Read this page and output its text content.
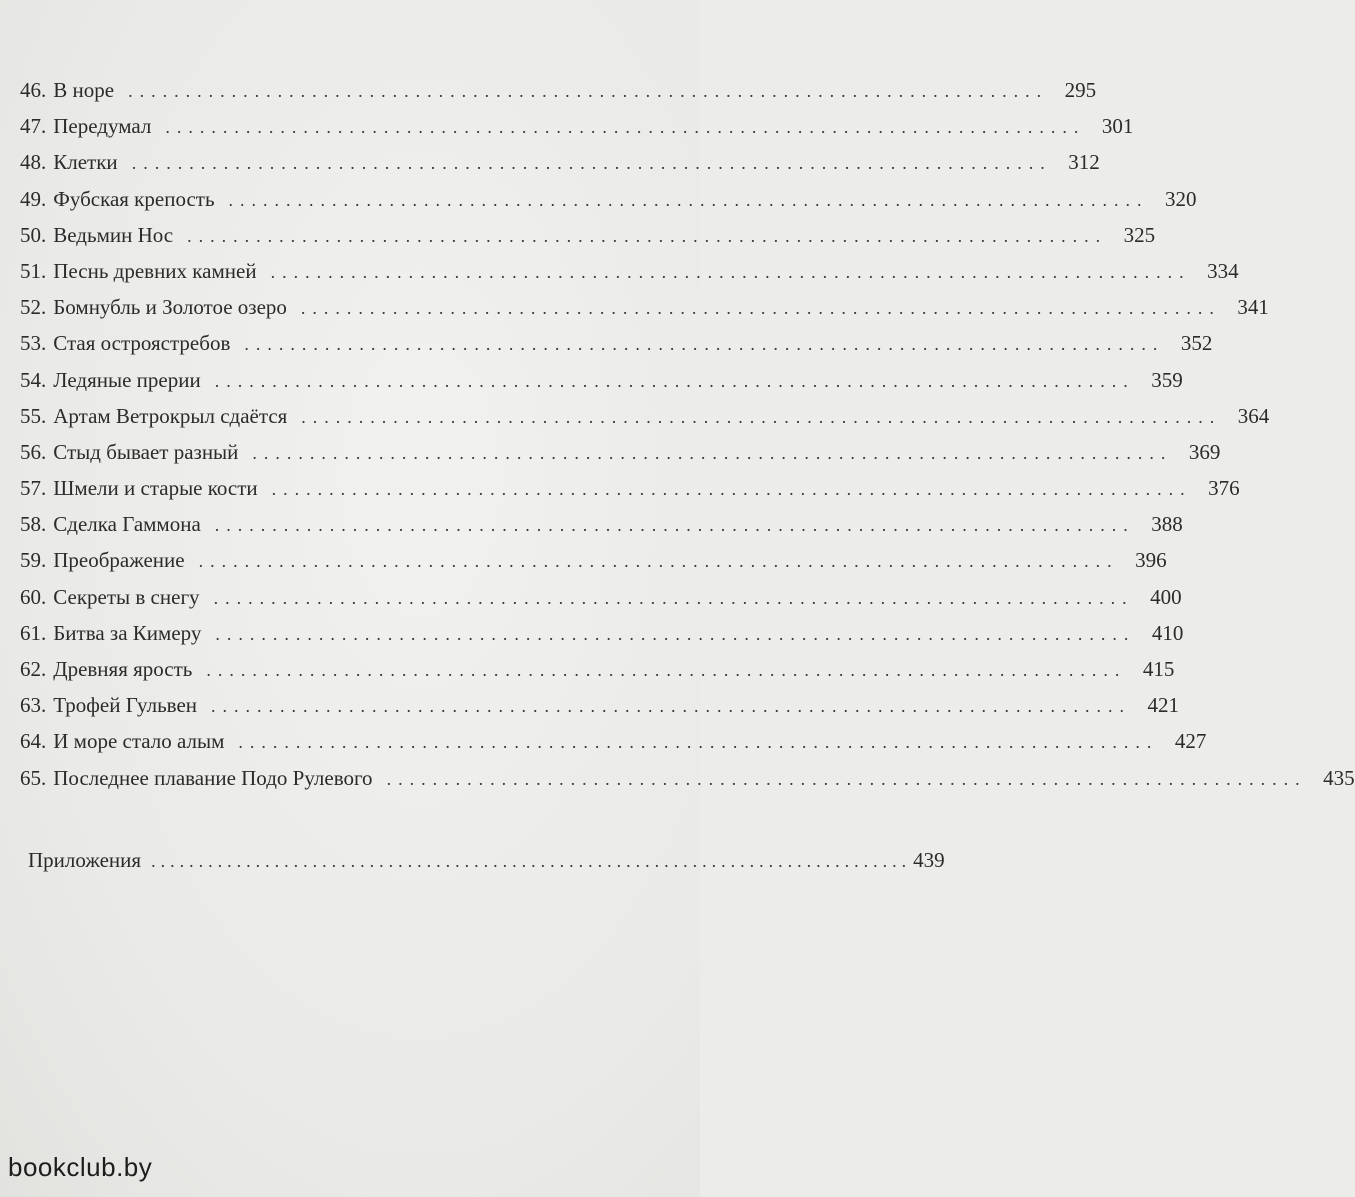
46. В норе ................................................................................ 295
47. Передумал ................................................................................ 301
48. Клетки ................................................................................ 312
49. Фубская крепость ................................................................................ 320
50. Ведьмин Нос ................................................................................ 325
51. Песнь древних камней ................................................................................ 334
52. Бомнубль и Золотое озеро ................................................................................ 341
53. Стая остроястребов ................................................................................ 352
54. Ледяные прерии ................................................................................ 359
55. Артам Ветрокрыл сдаётся ................................................................................ 364
56. Стыд бывает разный ................................................................................ 369
57. Шмели и старые кости ................................................................................ 376
58. Сделка Гаммона ................................................................................ 388
59. Преображение ................................................................................ 396
60. Секреты в снегу ................................................................................ 400
61. Битва за Кимеру ................................................................................ 410
62. Древняя ярость ................................................................................ 415
63. Трофей Гульвен ................................................................................ 421
64. И море стало алым ................................................................................ 427
65. Последнее плавание Подо Рулевого ................................................................................ 435
Приложения ................................................................................ 439
bookclub.by
